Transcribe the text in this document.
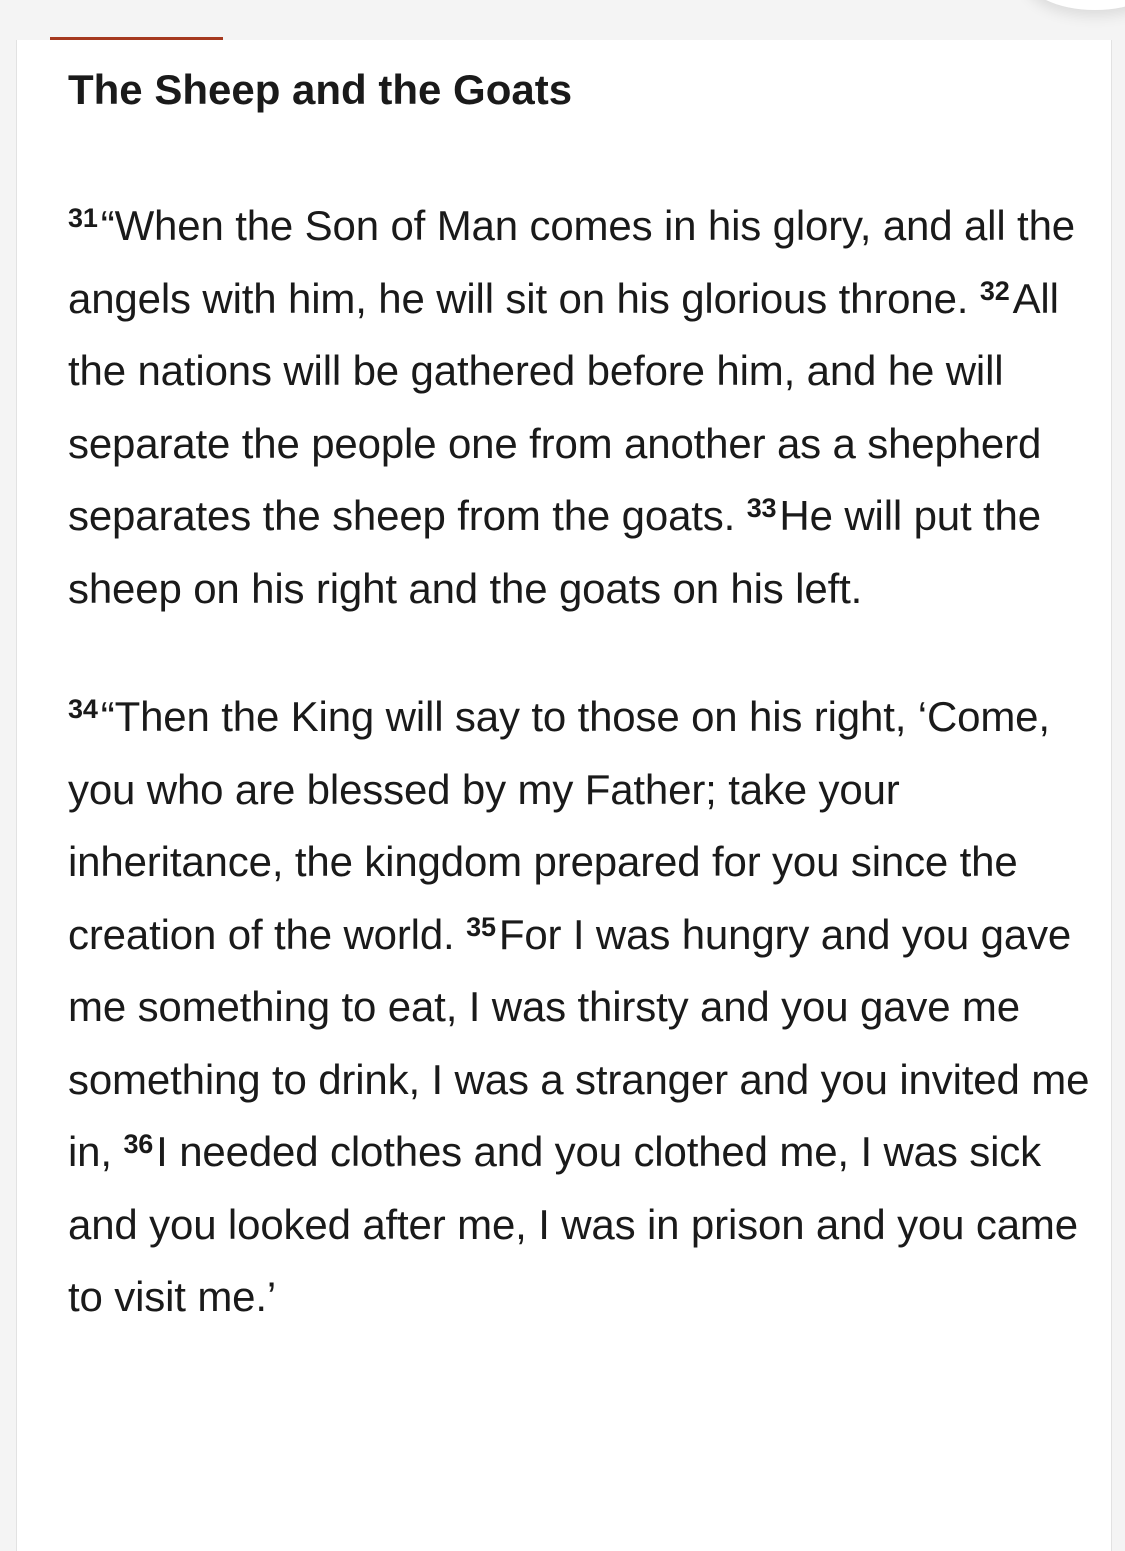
The Sheep and the Goats

$^{31}$“When the Son of Man comes in his glory, and all the angels with him, he will sit on his glorious throne. $^{32}$All the nations will be gathered before him, and he will separate the people one from another as a shepherd separates the sheep from the goats. $^{33}$He will put the sheep on his right and the goats on his left.

$^{34}$“Then the King will say to those on his right, ‘Come, you who are blessed by my Father; take your inheritance, the kingdom prepared for you since the creation of the world. $^{35}$For I was hungry and you gave me something to eat, I was thirsty and you gave me something to drink, I was a stranger and you invited me in, $^{36}$I needed clothes and you clothed me, I was sick and you looked after me, I was in prison and you came to visit me.’
